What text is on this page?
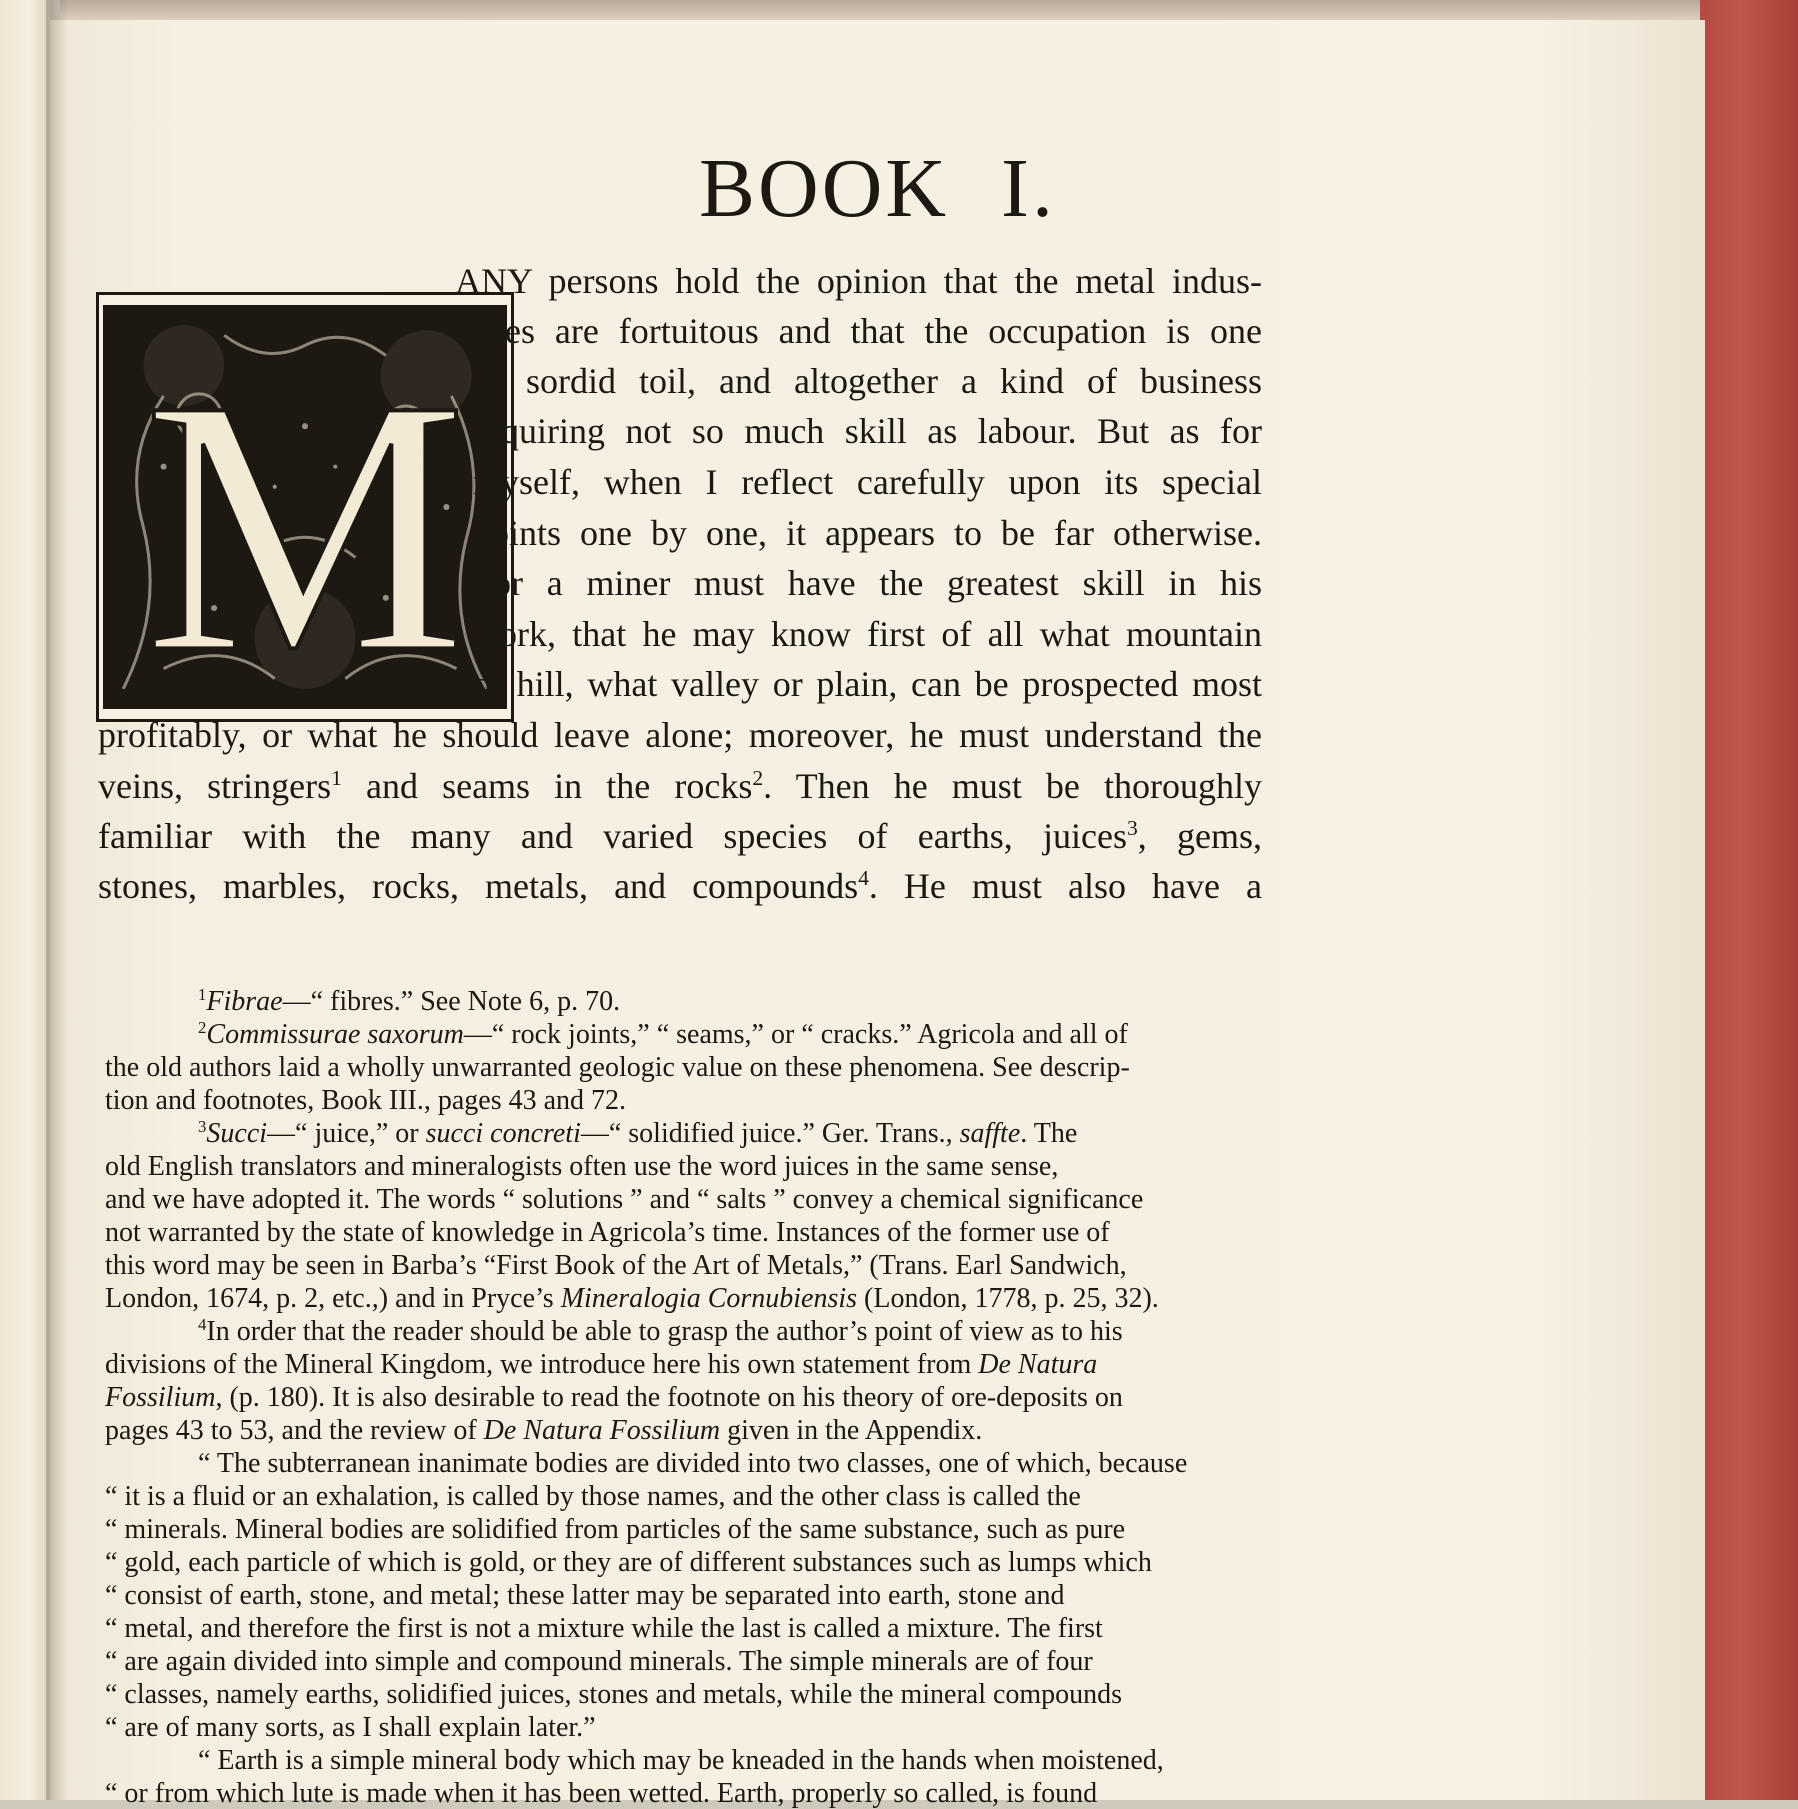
BOOK I.
M

ANY persons hold the opinion that the metal indus-

tries are fortuitous and that the occupation is one

of sordid toil, and altogether a kind of business

requiring not so much skill as labour. But as for

myself, when I reflect carefully upon its special

points one by one, it appears to be far otherwise.

For a miner must have the greatest skill in his

work, that he may know first of all what mountain

or hill, what valley or plain, can be prospected most

profitably, or what he should leave alone; moreover, he must understand the

veins, stringers$^1$ and seams in the rocks$^2$. Then he must be thoroughly

familiar with the many and varied species of earths, juices$^3$, gems,

stones, marbles, rocks, metals, and compounds$^4$. He must also have a

$^1$Fibrae—“ fibres.” See Note 6, p. 70.

$^2$Commissurae saxorum—“ rock joints,” “ seams,” or “ cracks.” Agricola and all of

the old authors laid a wholly unwarranted geologic value on these phenomena. See descrip-

tion and footnotes, Book III., pages 43 and 72.

$^3$Succi—“ juice,” or succi concreti—“ solidified juice.” Ger. Trans., saffte. The

old English translators and mineralogists often use the word juices in the same sense,

and we have adopted it. The words “ solutions ” and “ salts ” convey a chemical significance

not warranted by the state of knowledge in Agricola’s time. Instances of the former use of

this word may be seen in Barba’s “First Book of the Art of Metals,” (Trans. Earl Sandwich,

London, 1674, p. 2, etc.,) and in Pryce’s Mineralogia Cornubiensis (London, 1778, p. 25, 32).

$^4$In order that the reader should be able to grasp the author’s point of view as to his

divisions of the Mineral Kingdom, we introduce here his own statement from De Natura

Fossilium, (p. 180). It is also desirable to read the footnote on his theory of ore-deposits on

pages 43 to 53, and the review of De Natura Fossilium given in the Appendix.

“ The subterranean inanimate bodies are divided into two classes, one of which, because

“ it is a fluid or an exhalation, is called by those names, and the other class is called the

“ minerals. Mineral bodies are solidified from particles of the same substance, such as pure

“ gold, each particle of which is gold, or they are of different substances such as lumps which

“ consist of earth, stone, and metal; these latter may be separated into earth, stone and

“ metal, and therefore the first is not a mixture while the last is called a mixture. The first

“ are again divided into simple and compound minerals. The simple minerals are of four

“ classes, namely earths, solidified juices, stones and metals, while the mineral compounds

“ are of many sorts, as I shall explain later.”

“ Earth is a simple mineral body which may be kneaded in the hands when moistened,

“ or from which lute is made when it has been wetted. Earth, properly so called, is found
